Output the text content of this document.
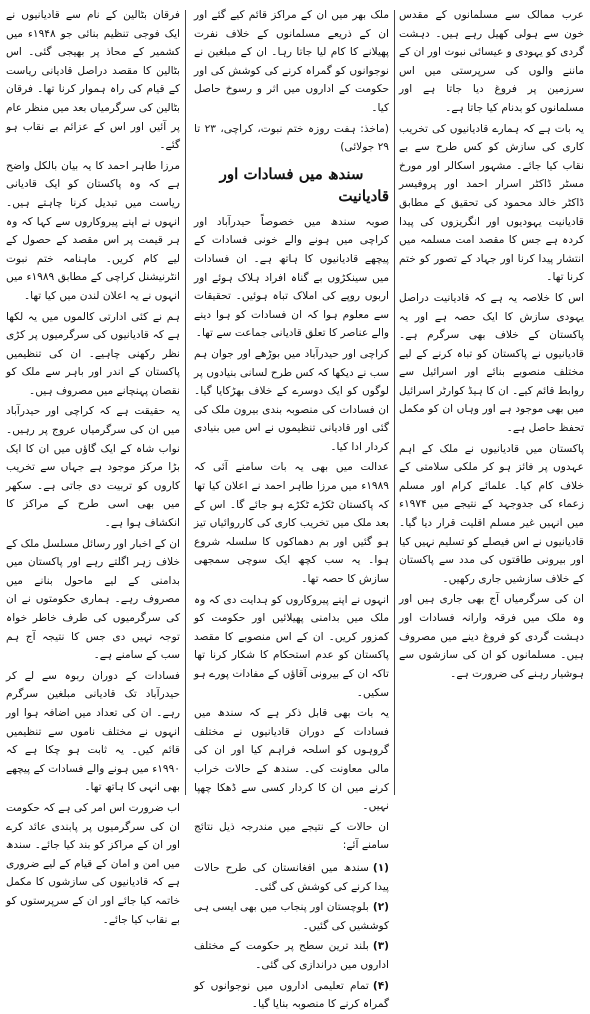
عرب ممالک سے مسلمانوں کے مقدس خون سے ہولی کھیل رہے ہیں۔ دہشت گردی کو یہودی و عیسائی نبوت اور ان کے ماننے والوں کی سرپرستی میں اس سرزمین پر فروغ دیا جاتا ہے اور مسلمانوں کو بدنام کیا جاتا ہے۔

یہ بات ہے کہ ہمارے قادیانیوں کی تخریب کاری کی سازش کو کس طرح سے بے نقاب کیا جائے۔ مشہور اسکالر اور مورخ مسٹر ڈاکٹر اسرار احمد اور پروفیسر ڈاکٹر خالد محمود کی تحقیق کے مطابق قادیانیت یہودیوں اور انگریزوں کی پیدا کردہ ہے جس کا مقصد امت مسلمہ میں انتشار پیدا کرنا اور جہاد کے تصور کو ختم کرنا تھا۔

اس کا خلاصہ یہ ہے کہ قادیانیت دراصل یہودی سازش کا ایک حصہ ہے اور یہ پاکستان کے خلاف بھی سرگرم ہے۔ قادیانیوں نے پاکستان کو تباہ کرنے کے لیے مختلف منصوبے بنائے اور اسرائیل سے روابط قائم کیے۔ ان کا ہیڈ کوارٹر اسرائیل میں بھی موجود ہے اور وہاں ان کو مکمل تحفظ حاصل ہے۔

پاکستان میں قادیانیوں نے ملک کے اہم عہدوں پر فائز ہو کر ملکی سلامتی کے خلاف کام کیا۔ علمائے کرام اور مسلم زعماء کی جدوجہد کے نتیجے میں ۱۹۷۴ء میں انہیں غیر مسلم اقلیت قرار دیا گیا۔ قادیانیوں نے اس فیصلے کو تسلیم نہیں کیا اور بیرونی طاقتوں کی مدد سے پاکستان کے خلاف سازشیں جاری رکھیں۔

ان کی سرگرمیاں آج بھی جاری ہیں اور وہ ملک میں فرقہ وارانہ فسادات اور دہشت گردی کو فروغ دینے میں مصروف ہیں۔ مسلمانوں کو ان کی سازشوں سے ہوشیار رہنے کی ضرورت ہے۔

ملک بھر میں ان کے مراکز قائم کیے گئے اور ان کے ذریعے مسلمانوں کے خلاف نفرت پھیلانے کا کام لیا جاتا رہا۔ ان کے مبلغین نے نوجوانوں کو گمراہ کرنے کی کوشش کی اور حکومت کے اداروں میں اثر و رسوخ حاصل کیا۔

(ماخذ: ہفت روزہ ختم نبوت، کراچی، ۲۳ تا ۲۹ جولائی)

سندھ میں فسادات اور قادیانیت

صوبہ سندھ میں خصوصاً حیدرآباد اور کراچی میں ہونے والے خونی فسادات کے پیچھے قادیانیوں کا ہاتھ ہے۔ ان فسادات میں سینکڑوں بے گناہ افراد ہلاک ہوئے اور اربوں روپے کی املاک تباہ ہوئیں۔ تحقیقات سے معلوم ہوا کہ ان فسادات کو ہوا دینے والے عناصر کا تعلق قادیانی جماعت سے تھا۔

کراچی اور حیدرآباد میں بوڑھے اور جوان ہم سب نے دیکھا کہ کس طرح لسانی بنیادوں پر لوگوں کو ایک دوسرے کے خلاف بھڑکایا گیا۔ ان فسادات کی منصوبہ بندی بیرون ملک کی گئی اور قادیانی تنظیموں نے اس میں بنیادی کردار ادا کیا۔

عدالت میں بھی یہ بات سامنے آئی کہ ۱۹۸۹ء میں مرزا طاہر احمد نے اعلان کیا تھا کہ پاکستان ٹکڑے ٹکڑے ہو جائے گا۔ اس کے بعد ملک میں تخریب کاری کی کارروائیاں تیز ہو گئیں اور بم دھماکوں کا سلسلہ شروع ہوا۔ یہ سب کچھ ایک سوچی سمجھی سازش کا حصہ تھا۔

انہوں نے اپنے پیروکاروں کو ہدایت دی کہ وہ ملک میں بدامنی پھیلائیں اور حکومت کو کمزور کریں۔ ان کے اس منصوبے کا مقصد پاکستان کو عدم استحکام کا شکار کرنا تھا تاکہ ان کے بیرونی آقاؤں کے مفادات پورے ہو سکیں۔

یہ بات بھی قابل ذکر ہے کہ سندھ میں فسادات کے دوران قادیانیوں نے مختلف گروہوں کو اسلحہ فراہم کیا اور ان کی مالی معاونت کی۔ سندھ کے حالات خراب کرنے میں ان کا کردار کسی سے ڈھکا چھپا نہیں۔

ان حالات کے نتیجے میں مندرجہ ذیل نتائج سامنے آئے:

(۱)سندھ میں افغانستان کی طرح حالات پیدا کرنے کی کوشش کی گئی۔
(۲)بلوچستان اور پنجاب میں بھی ایسی ہی کوششیں کی گئیں۔
(۳)بلند ترین سطح پر حکومت کے مختلف اداروں میں دراندازی کی گئی۔
(۴)تمام تعلیمی اداروں میں نوجوانوں کو گمراہ کرنے کا منصوبہ بنایا گیا۔

فرقان بٹالین کے نام سے قادیانیوں نے ایک فوجی تنظیم بنائی جو ۱۹۴۸ء میں کشمیر کے محاذ پر بھیجی گئی۔ اس بٹالین کا مقصد دراصل قادیانی ریاست کے قیام کی راہ ہموار کرنا تھا۔ فرقان بٹالین کی سرگرمیاں بعد میں منظر عام پر آئیں اور اس کے عزائم بے نقاب ہو گئے۔

مرزا طاہر احمد کا یہ بیان بالکل واضح ہے کہ وہ پاکستان کو ایک قادیانی ریاست میں تبدیل کرنا چاہتے ہیں۔ انہوں نے اپنے پیروکاروں سے کہا کہ وہ ہر قیمت پر اس مقصد کے حصول کے لیے کام کریں۔ ماہنامہ ختم نبوت انٹرنیشنل کراچی کے مطابق ۱۹۸۹ء میں انہوں نے یہ اعلان لندن میں کیا تھا۔

ہم نے کئی ادارتی کالموں میں یہ لکھا ہے کہ قادیانیوں کی سرگرمیوں پر کڑی نظر رکھنی چاہیے۔ ان کی تنظیمیں پاکستان کے اندر اور باہر سے ملک کو نقصان پہنچانے میں مصروف ہیں۔

یہ حقیقت ہے کہ کراچی اور حیدرآباد میں ان کی سرگرمیاں عروج پر رہیں۔ نواب شاہ کے ایک گاؤں میں ان کا ایک بڑا مرکز موجود ہے جہاں سے تخریب کاروں کو تربیت دی جاتی ہے۔ سکھر میں بھی اسی طرح کے مراکز کا انکشاف ہوا ہے۔

ان کے اخبار اور رسائل مسلسل ملک کے خلاف زہر اگلتے رہے اور پاکستان میں بدامنی کے لیے ماحول بنانے میں مصروف رہے۔ ہماری حکومتوں نے ان کی سرگرمیوں کی طرف خاطر خواہ توجہ نہیں دی جس کا نتیجہ آج ہم سب کے سامنے ہے۔

فسادات کے دوران ربوہ سے لے کر حیدرآباد تک قادیانی مبلغین سرگرم رہے۔ ان کی تعداد میں اضافہ ہوا اور انہوں نے مختلف ناموں سے تنظیمیں قائم کیں۔ یہ ثابت ہو چکا ہے کہ ۱۹۹۰ء میں ہونے والے فسادات کے پیچھے بھی انہی کا ہاتھ تھا۔

اب ضرورت اس امر کی ہے کہ حکومت ان کی سرگرمیوں پر پابندی عائد کرے اور ان کے مراکز کو بند کیا جائے۔ سندھ میں امن و امان کے قیام کے لیے ضروری ہے کہ قادیانیوں کی سازشوں کا مکمل خاتمہ کیا جائے اور ان کے سرپرستوں کو بے نقاب کیا جائے۔
